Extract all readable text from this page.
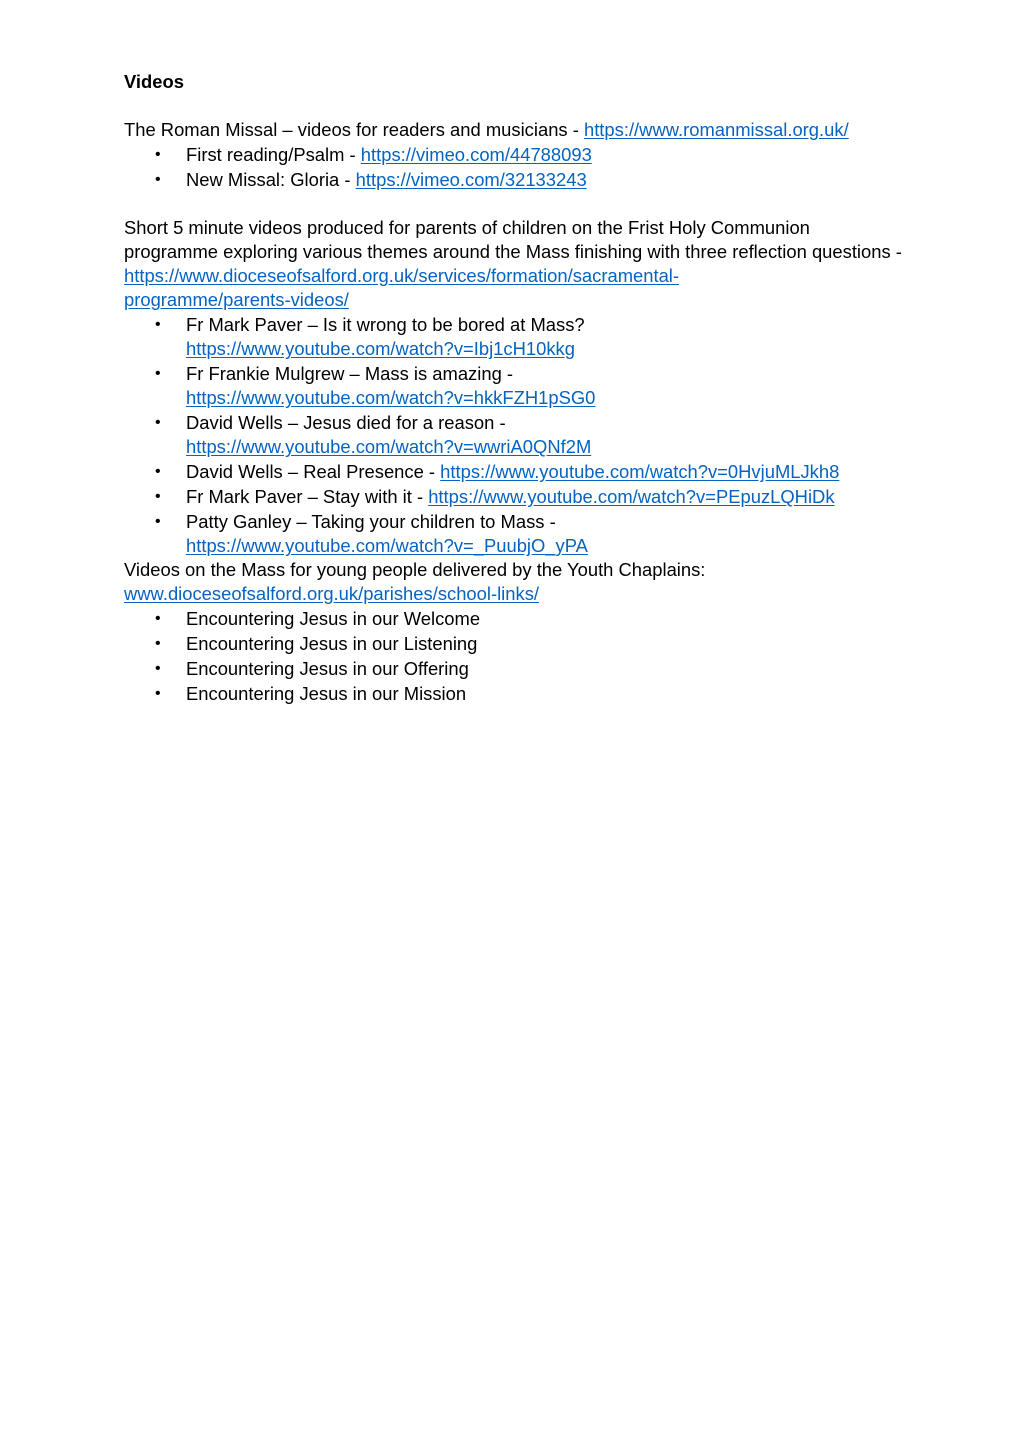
Videos

The Roman Missal – videos for readers and musicians - https://www.romanmissal.org.uk/

• First reading/Psalm - https://vimeo.com/44788093
• New Missal: Gloria - https://vimeo.com/32133243

Short 5 minute videos produced for parents of children on the Frist Holy Communion programme exploring various themes around the Mass finishing with three reflection questions - https://www.dioceseofsalford.org.uk/services/formation/sacramental-
programme/parents-videos/

• Fr Mark Paver – Is it wrong to be bored at Mass?
https://www.youtube.com/watch?v=Ibj1cH10kkg
• Fr Frankie Mulgrew – Mass is amazing -
https://www.youtube.com/watch?v=hkkFZH1pSG0
• David Wells – Jesus died for a reason -
https://www.youtube.com/watch?v=wwriA0QNf2M
• David Wells – Real Presence - https://www.youtube.com/watch?v=0HvjuMLJkh8
• Fr Mark Paver – Stay with it - https://www.youtube.com/watch?v=PEpuzLQHiDk
• Patty Ganley – Taking your children to Mass -
https://www.youtube.com/watch?v=_PuubjO_yPA

Videos on the Mass for young people delivered by the Youth Chaplains:
www.dioceseofsalford.org.uk/parishes/school-links/

• Encountering Jesus in our Welcome
• Encountering Jesus in our Listening
• Encountering Jesus in our Offering
• Encountering Jesus in our Mission
